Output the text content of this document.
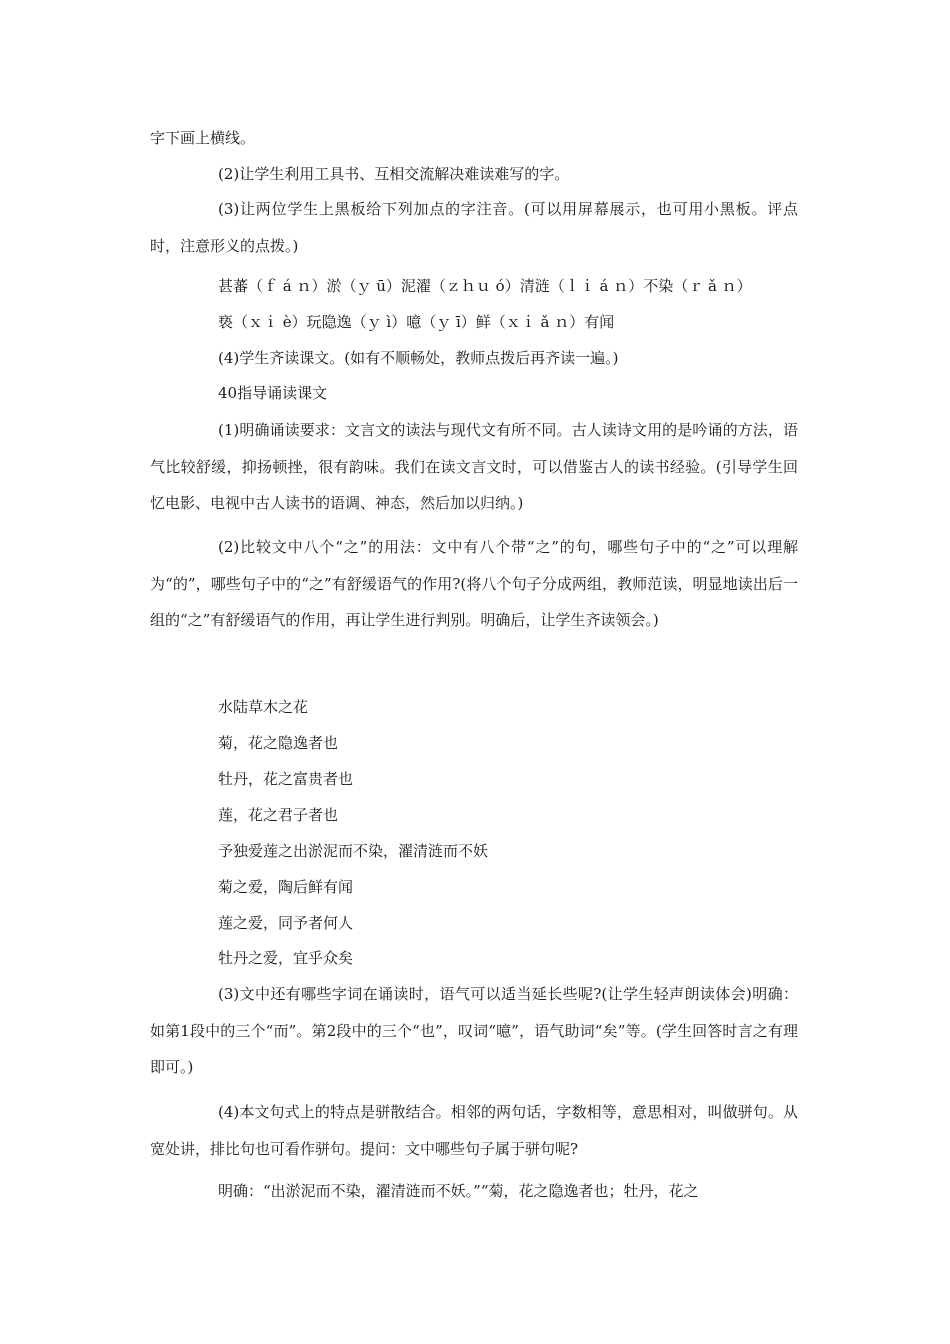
字下画上横线。
(2)让学生利用工具书、互相交流解决难读难写的字。
(3)让两位学生上黑板给下列加点的字注音。(可以用屏幕展示，也可用小黑板。评点时，注意形义的点拨。)
甚蕃（ｆ á ｎ）淤（ｙ ū）泥濯（ｚｈｕ ó）清涟（ｌｉ á ｎ）不染（ｒ ǎ ｎ）
亵（ｘｉ è）玩隐逸（ｙ ì）噫（ｙ ī）鲜（ｘｉ ǎ ｎ）有闻
(4)学生齐读课文。(如有不顺畅处，教师点拨后再齐读一遍。)
40指导诵读课文
(1)明确诵读要求：文言文的读法与现代文有所不同。古人读诗文用的是吟诵的方法，语气比较舒缓，抑扬顿挫，很有韵味。我们在读文言文时，可以借鉴古人的读书经验。(引导学生回忆电影、电视中古人读书的语调、神态，然后加以归纳。)
(2)比较文中八个“之”的用法：文中有八个带“之”的句，哪些句子中的“之”可以理解为“的”，哪些句子中的“之”有舒缓语气的作用?(将八个句子分成两组，教师范读，明显地读出后一组的“之”有舒缓语气的作用，再让学生进行判别。明确后，让学生齐读领会。)
水陆草木之花
菊，花之隐逸者也
牡丹，花之富贵者也
莲，花之君子者也
予独爱莲之出淤泥而不染，濯清涟而不妖
菊之爱，陶后鲜有闻
莲之爱，同予者何人
牡丹之爱，宜乎众矣
(3)文中还有哪些字词在诵读时，语气可以适当延长些呢?(让学生轻声朗读体会)明确：如第1段中的三个“而”。第2段中的三个“也”，叹词“噫”，语气助词“矣”等。(学生回答时言之有理即可。)
(4)本文句式上的特点是骈散结合。相邻的两句话，字数相等，意思相对，叫做骈句。从宽处讲，排比句也可看作骈句。提问：文中哪些句子属于骈句呢?
明确：“出淤泥而不染，濯清涟而不妖。”“菊，花之隐逸者也；牡丹，花之
